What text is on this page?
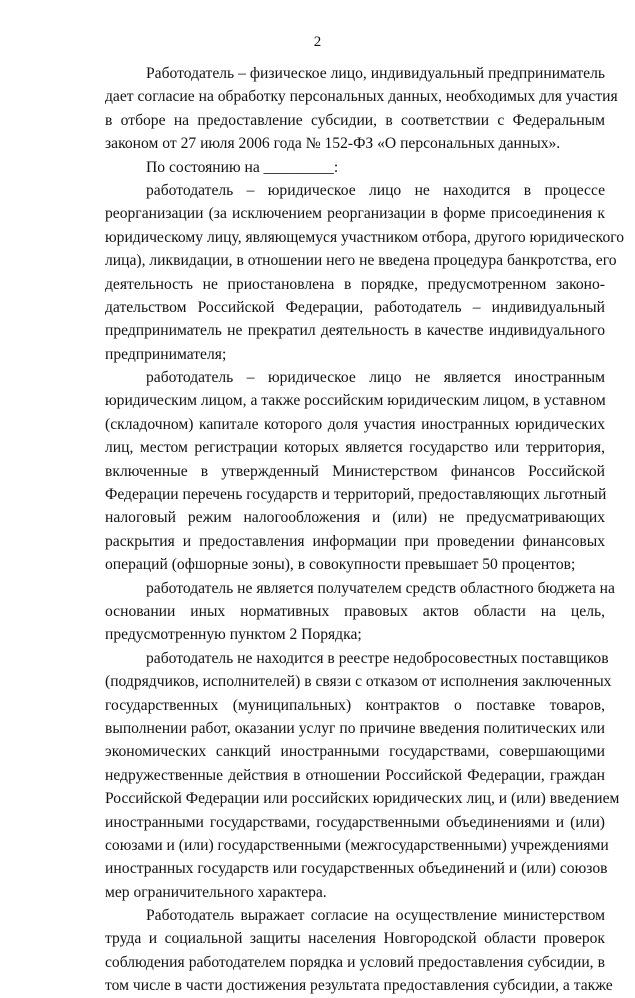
2

Работодатель – физическое лицо, индивидуальный предприниматель
дает согласие на обработку персональных данных, необходимых для участия
в отборе на предоставление субсидии, в соответствии с Федеральным
законом от 27 июля 2006 года № 152-ФЗ «О персональных данных».

По состоянию на _________:

работодатель – юридическое лицо не находится в процессе
реорганизации (за исключением реорганизации в форме присоединения к
юридическому лицу, являющемуся участником отбора, другого юридического
лица), ликвидации, в отношении него не введена процедура банкротства, его
деятельность не приостановлена в порядке, предусмотренном законо-
дательством Российской Федерации, работодатель – индивидуальный
предприниматель не прекратил деятельность в качестве индивидуального
предпринимателя;

работодатель – юридическое лицо не является иностранным
юридическим лицом, а также российским юридическим лицом, в уставном
(складочном) капитале которого доля участия иностранных юридических
лиц, местом регистрации которых является государство или территория,
включенные в утвержденный Министерством финансов Российской
Федерации перечень государств и территорий, предоставляющих льготный
налоговый режим налогообложения и (или) не предусматривающих
раскрытия и предоставления информации при проведении финансовых
операций (офшорные зоны), в совокупности превышает 50 процентов;

работодатель не является получателем средств областного бюджета на
основании иных нормативных правовых актов области на цель,
предусмотренную пунктом 2 Порядка;

работодатель не находится в реестре недобросовестных поставщиков
(подрядчиков, исполнителей) в связи с отказом от исполнения заключенных
государственных (муниципальных) контрактов о поставке товаров,
выполнении работ, оказании услуг по причине введения политических или
экономических санкций иностранными государствами, совершающими
недружественные действия в отношении Российской Федерации, граждан
Российской Федерации или российских юридических лиц, и (или) введением
иностранными государствами, государственными объединениями и (или)
союзами и (или) государственными (межгосударственными) учреждениями
иностранных государств или государственных объединений и (или) союзов
мер ограничительного характера.

Работодатель выражает согласие на осуществление министерством
труда и социальной защиты населения Новгородской области проверок
соблюдения работодателем порядка и условий предоставления субсидии, в
том числе в части достижения результата предоставления субсидии, а также
